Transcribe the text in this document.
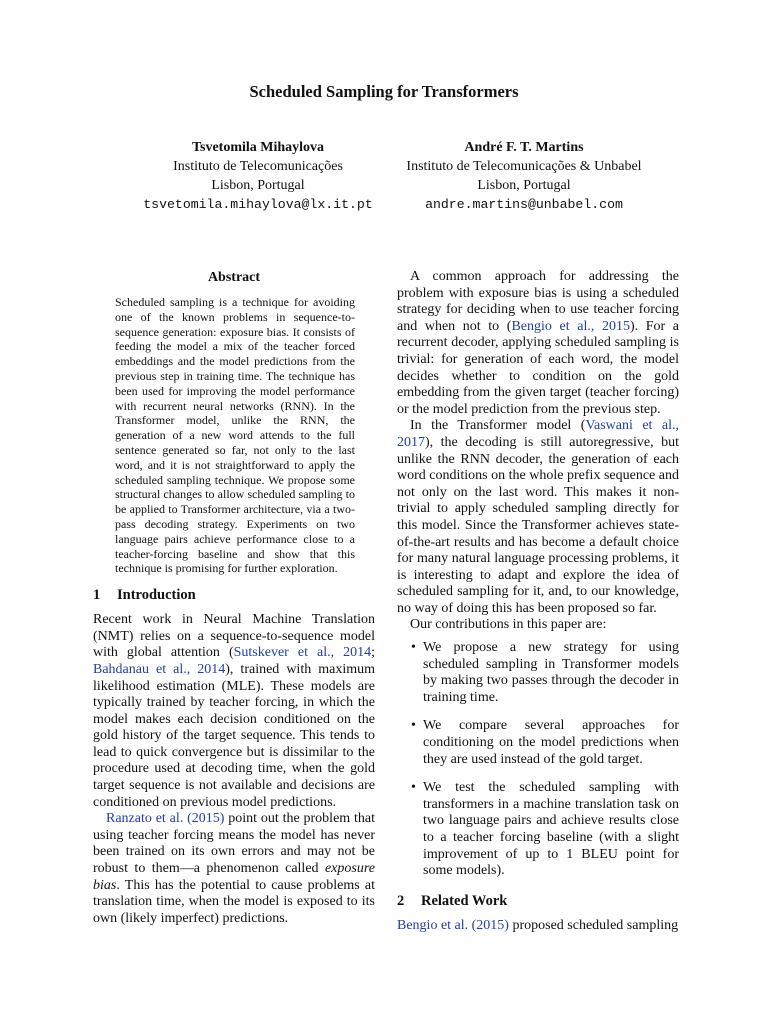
Scheduled Sampling for Transformers
Tsvetomila Mihaylova
Instituto de Telecomunicações
Lisbon, Portugal
tsvetomila.mihaylova@lx.it.pt
André F. T. Martins
Instituto de Telecomunicações & Unbabel
Lisbon, Portugal
andre.martins@unbabel.com
Abstract
Scheduled sampling is a technique for avoiding one of the known problems in sequence-to-sequence generation: exposure bias. It consists of feeding the model a mix of the teacher forced embeddings and the model predictions from the previous step in training time. The technique has been used for improving the model performance with recurrent neural networks (RNN). In the Transformer model, unlike the RNN, the generation of a new word attends to the full sentence generated so far, not only to the last word, and it is not straightforward to apply the scheduled sampling technique. We propose some structural changes to allow scheduled sampling to be applied to Transformer architecture, via a two-pass decoding strategy. Experiments on two language pairs achieve performance close to a teacher-forcing baseline and show that this technique is promising for further exploration.
1 Introduction

Recent work in Neural Machine Translation (NMT) relies on a sequence-to-sequence model with global attention (Sutskever et al., 2014; Bahdanau et al., 2014), trained with maximum likelihood estimation (MLE). These models are typically trained by teacher forcing, in which the model makes each decision conditioned on the gold history of the target sequence. This tends to lead to quick convergence but is dissimilar to the procedure used at decoding time, when the gold target sequence is not available and decisions are conditioned on previous model predictions.

Ranzato et al. (2015) point out the problem that using teacher forcing means the model has never been trained on its own errors and may not be robust to them—a phenomenon called exposure bias. This has the potential to cause problems at translation time, when the model is exposed to its own (likely imperfect) predictions.

A common approach for addressing the problem with exposure bias is using a scheduled strategy for deciding when to use teacher forcing and when not to (Bengio et al., 2015). For a recurrent decoder, applying scheduled sampling is trivial: for generation of each word, the model decides whether to condition on the gold embedding from the given target (teacher forcing) or the model prediction from the previous step.

In the Transformer model (Vaswani et al., 2017), the decoding is still autoregressive, but unlike the RNN decoder, the generation of each word conditions on the whole prefix sequence and not only on the last word. This makes it non-trivial to apply scheduled sampling directly for this model. Since the Transformer achieves state-of-the-art results and has become a default choice for many natural language processing problems, it is interesting to adapt and explore the idea of scheduled sampling for it, and, to our knowledge, no way of doing this has been proposed so far.

Our contributions in this paper are:

• We propose a new strategy for using scheduled sampling in Transformer models by making two passes through the decoder in training time.
• We compare several approaches for conditioning on the model predictions when they are used instead of the gold target.
• We test the scheduled sampling with transformers in a machine translation task on two language pairs and achieve results close to a teacher forcing baseline (with a slight improvement of up to 1 BLEU point for some models).
2 Related Work

Bengio et al. (2015) proposed scheduled sampling
